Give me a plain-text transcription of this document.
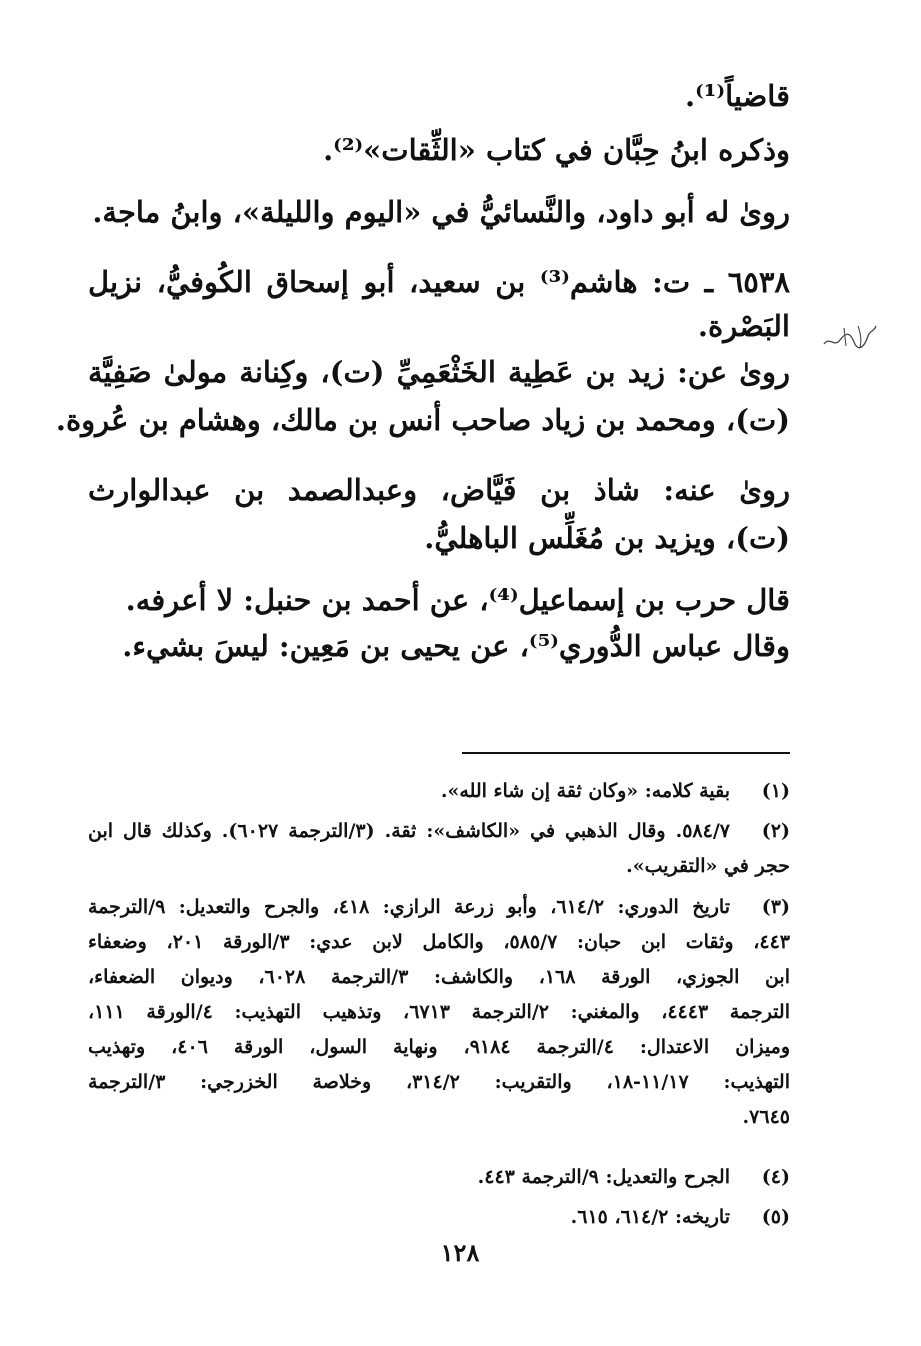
قاضياً⁽¹⁾.
وذكره ابنُ حِبَّان في كتاب «الثِّقات»⁽²⁾.
روىٰ له أبو داود، والنَّسائيُّ في «اليوم والليلة»، وابنُ ماجة.
٦٥٣٨ ـ ت: هاشم⁽³⁾ بن سعيد، أبو إسحاق الكُوفيُّ، نزيل
البَصْرة.
روىٰ عن: زيد بن عَطِية الخَثْعَمِيِّ (ت)، وكِنانة مولىٰ صَفِيَّة
(ت)، ومحمد بن زياد صاحب أنس بن مالك، وهشام بن عُروة.
روىٰ عنه: شاذ بن فَيَّاض، وعبدالصمد بن عبدالوارث
(ت)، ويزيد بن مُغَلِّس الباهليُّ.
قال حرب بن إسماعيل⁽⁴⁾، عن أحمد بن حنبل: لا أعرفه.
وقال عباس الدُّوري⁽⁵⁾، عن يحيى بن مَعِين: ليسَ بشيء.
(١)
بقية كلامه: «وكان ثقة إن شاء الله».
(٢)
٥٨٤/٧. وقال الذهبي في «الكاشف»: ثقة. (٣/الترجمة ٦٠٢٧). وكذلك قال ابن
حجر في «التقريب».
(٣)
تاريخ الدوري: ٦١٤/٢، وأبو زرعة الرازي: ٤١٨، والجرح والتعديل: ٩/الترجمة
٤٤٣، وثقات ابن حبان: ٥٨٥/٧، والكامل لابن عدي: ٣/الورقة ٢٠١، وضعفاء
ابن الجوزي، الورقة ١٦٨، والكاشف: ٣/الترجمة ٦٠٢٨، وديوان الضعفاء،
الترجمة ٤٤٤٣، والمغني: ٢/الترجمة ٦٧١٣، وتذهيب التهذيب: ٤/الورقة ١١١،
وميزان الاعتدال: ٤/الترجمة ٩١٨٤، ونهاية السول، الورقة ٤٠٦، وتهذيب
التهذيب: ١١/١٧-١٨، والتقريب: ٣١٤/٢، وخلاصة الخزرجي: ٣/الترجمة
٧٦٤٥.
(٤)
الجرح والتعديل: ٩/الترجمة ٤٤٣.
(٥)
تاريخه: ٦١٤/٢، ٦١٥.
١٢٨
